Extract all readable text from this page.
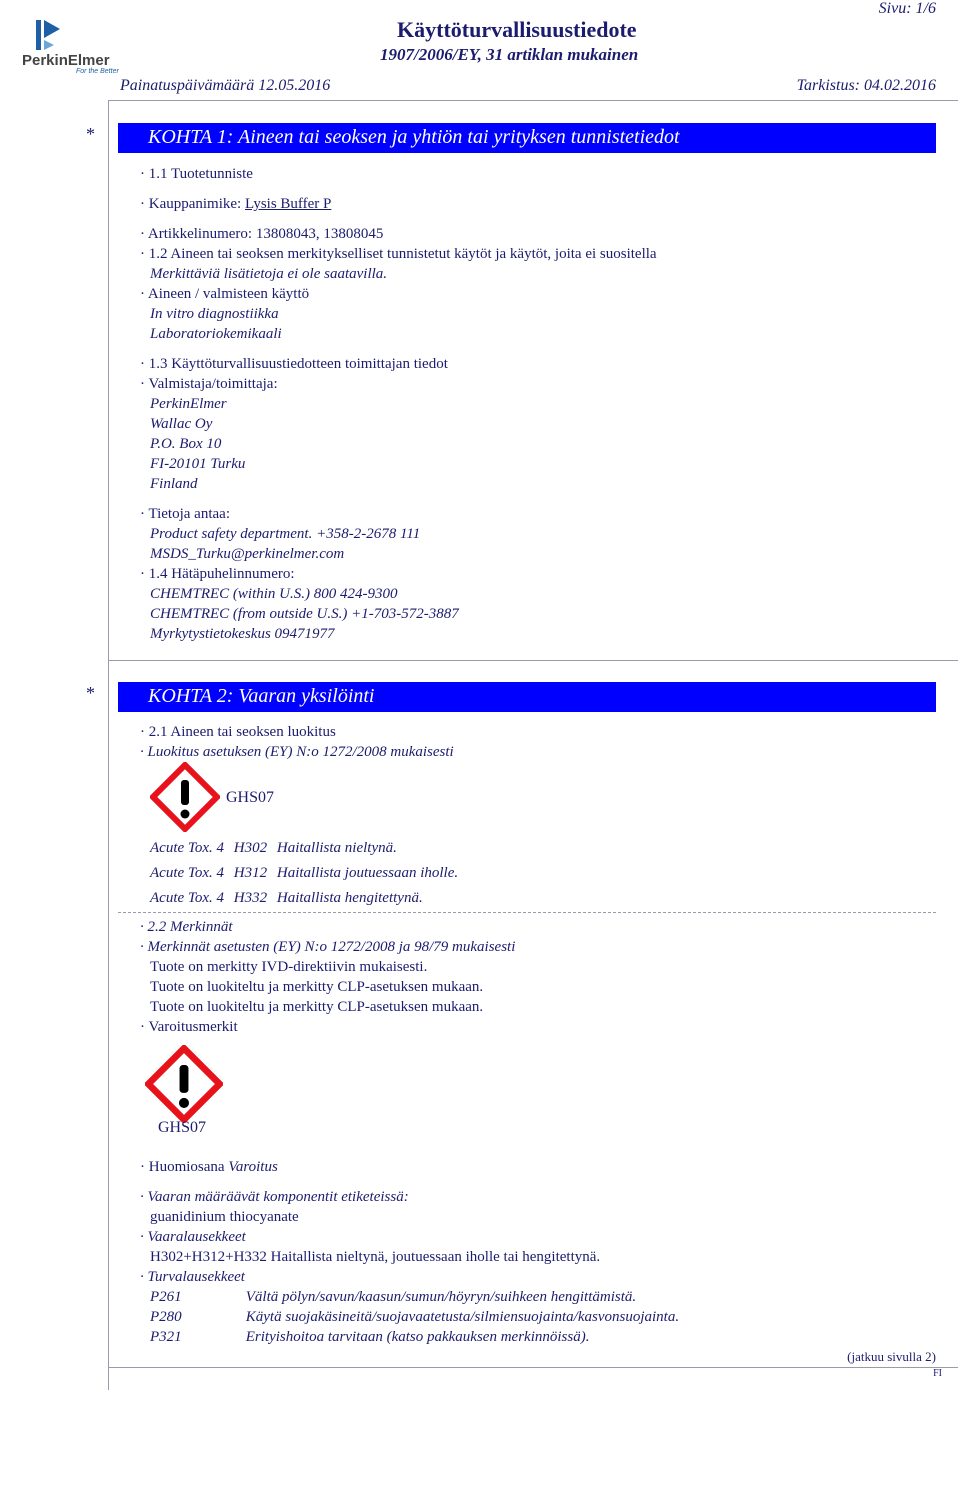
PerkinElmer
For the Better
Käyttöturvallisuustiedote
Sivu: 1/6
1907/2006/EY, 31 artiklan mukainen
Painatuspäivämäärä 12.05.2016	Tarkistus: 04.02.2016
*	KOHTA 1: Aineen tai seoksen ja yhtiön tai yrityksen tunnistetiedot
· 1.1 Tuotetunniste
· Kauppanimike: Lysis Buffer P
· Artikkelinumero: 13808043, 13808045
· 1.2 Aineen tai seoksen merkitykselliset tunnistetut käytöt ja käytöt, joita ei suositella
Merkittäviä lisätietoja ei ole saatavilla.
· Aineen / valmisteen käyttö
In vitro diagnostiikka
Laboratoriokemikaali
· 1.3 Käyttöturvallisuustiedotteen toimittajan tiedot
· Valmistaja/toimittaja:
PerkinElmer
Wallac Oy
P.O. Box 10
FI-20101 Turku
Finland
· Tietoja antaa:
Product safety department. +358-2-2678 111
MSDS_Turku@perkinelmer.com
· 1.4 Hätäpuhelinnumero:
CHEMTREC (within U.S.) 800 424-9300
CHEMTREC (from outside U.S.) +1-703-572-3887
Myrkytystietokeskus 09471977
*	KOHTA 2: Vaaran yksilöinti
· 2.1 Aineen tai seoksen luokitus
· Luokitus asetuksen (EY) N:o 1272/2008 mukaisesti
GHS07
Acute Tox. 4 H302 Haitallista nieltynä.
Acute Tox. 4 H312 Haitallista joutuessaan iholle.
Acute Tox. 4 H332 Haitallista hengitettynä.
· 2.2 Merkinnät
· Merkinnät asetusten (EY) N:o 1272/2008 ja 98/79 mukaisesti
Tuote on merkitty IVD-direktiivin mukaisesti.
Tuote on luokiteltu ja merkitty CLP-asetuksen mukaan.
Tuote on luokiteltu ja merkitty CLP-asetuksen mukaan.
· Varoitusmerkit
GHS07
· Huomiosana Varoitus
· Vaaran määräävät komponentit etiketeissä:
guanidinium thiocyanate
· Vaaralausekkeet
H302+H312+H332 Haitallista nieltynä, joutuessaan iholle tai hengitettynä.
· Turvalausekkeet
P261	Vältä pölyn/savun/kaasun/sumun/höyryn/suihkeen hengittämistä.
P280	Käytä suojakäsineitä/suojavaatetusta/silmiensuojainta/kasvonsuojainta.
P321	Erityishoitoa tarvitaan (katso pakkauksen merkinnöissä).
(jatkuu sivulla 2)
FI
